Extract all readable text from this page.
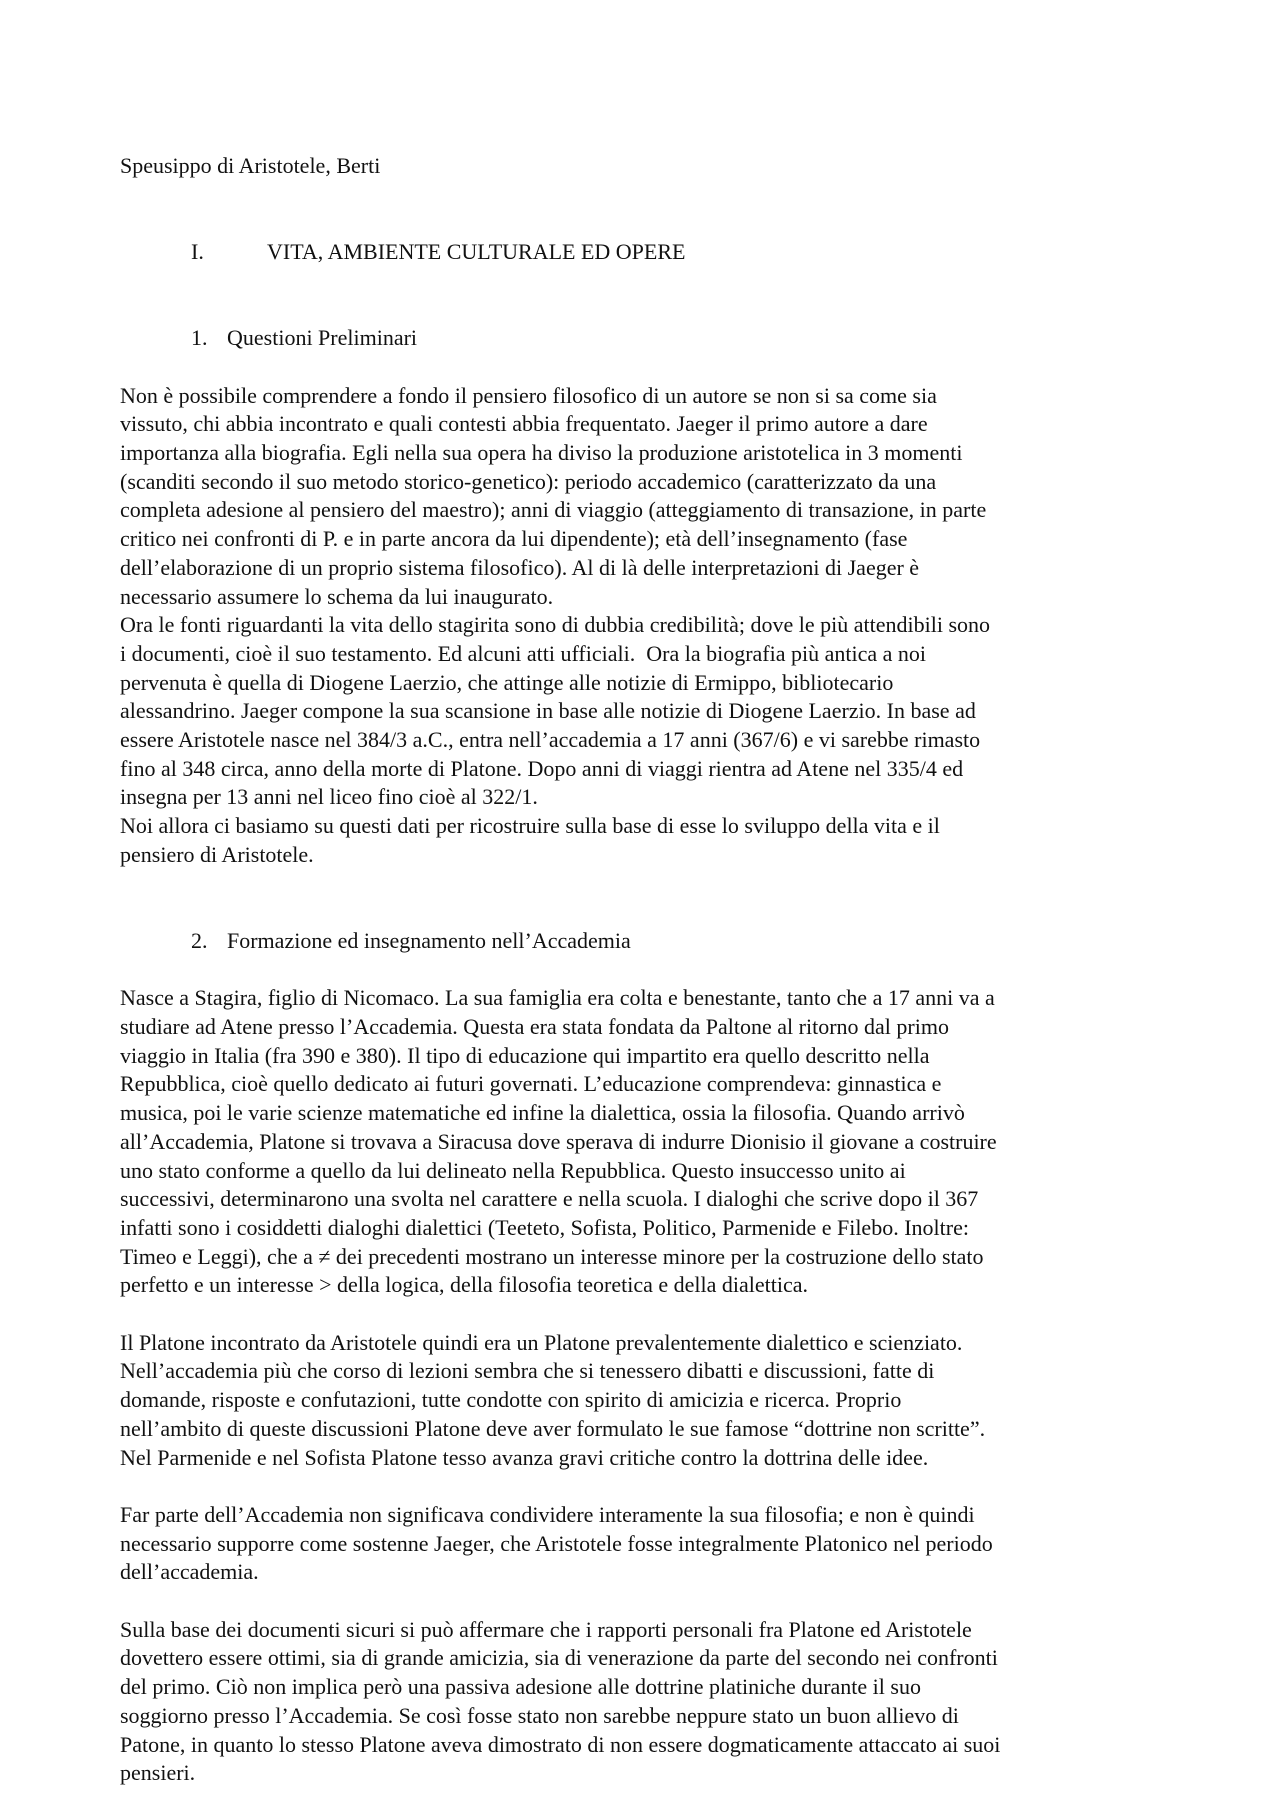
Speusippo di Aristotele, Berti

I.	VITA, AMBIENTE CULTURALE ED OPERE

1. Questioni Preliminari

Non è possibile comprendere a fondo il pensiero filosofico di un autore se non si sa come sia
vissuto, chi abbia incontrato e quali contesti abbia frequentato. Jaeger il primo autore a dare
importanza alla biografia. Egli nella sua opera ha diviso la produzione aristotelica in 3 momenti
(scanditi secondo il suo metodo storico-genetico): periodo accademico (caratterizzato da una
completa adesione al pensiero del maestro); anni di viaggio (atteggiamento di transazione, in parte
critico nei confronti di P. e in parte ancora da lui dipendente); età dell’insegnamento (fase
dell’elaborazione di un proprio sistema filosofico). Al di là delle interpretazioni di Jaeger è
necessario assumere lo schema da lui inaugurato.
Ora le fonti riguardanti la vita dello stagirita sono di dubbia credibilità; dove le più attendibili sono
i documenti, cioè il suo testamento. Ed alcuni atti ufficiali.  Ora la biografia più antica a noi
pervenuta è quella di Diogene Laerzio, che attinge alle notizie di Ermippo, bibliotecario
alessandrino. Jaeger compone la sua scansione in base alle notizie di Diogene Laerzio. In base ad
essere Aristotele nasce nel 384/3 a.C., entra nell’accademia a 17 anni (367/6) e vi sarebbe rimasto
fino al 348 circa, anno della morte di Platone. Dopo anni di viaggi rientra ad Atene nel 335/4 ed
insegna per 13 anni nel liceo fino cioè al 322/1.
Noi allora ci basiamo su questi dati per ricostruire sulla base di esse lo sviluppo della vita e il
pensiero di Aristotele.

2. Formazione ed insegnamento nell’Accademia

Nasce a Stagira, figlio di Nicomaco. La sua famiglia era colta e benestante, tanto che a 17 anni va a
studiare ad Atene presso l’Accademia. Questa era stata fondata da Paltone al ritorno dal primo
viaggio in Italia (fra 390 e 380). Il tipo di educazione qui impartito era quello descritto nella
Repubblica, cioè quello dedicato ai futuri governati. L’educazione comprendeva: ginnastica e
musica, poi le varie scienze matematiche ed infine la dialettica, ossia la filosofia. Quando arrivò
all’Accademia, Platone si trovava a Siracusa dove sperava di indurre Dionisio il giovane a costruire
uno stato conforme a quello da lui delineato nella Repubblica. Questo insuccesso unito ai
successivi, determinarono una svolta nel carattere e nella scuola. I dialoghi che scrive dopo il 367
infatti sono i cosiddetti dialoghi dialettici (Teeteto, Sofista, Politico, Parmenide e Filebo. Inoltre:
Timeo e Leggi), che a ≠ dei precedenti mostrano un interesse minore per la costruzione dello stato
perfetto e un interesse > della logica, della filosofia teoretica e della dialettica.
Il Platone incontrato da Aristotele quindi era un Platone prevalentemente dialettico e scienziato.
Nell’accademia più che corso di lezioni sembra che si tenessero dibatti e discussioni, fatte di
domande, risposte e confutazioni, tutte condotte con spirito di amicizia e ricerca. Proprio
nell’ambito di queste discussioni Platone deve aver formulato le sue famose “dottrine non scritte”.
Nel Parmenide e nel Sofista Platone tesso avanza gravi critiche contro la dottrina delle idee.
Far parte dell’Accademia non significava condividere interamente la sua filosofia; e non è quindi
necessario supporre come sostenne Jaeger, che Aristotele fosse integralmente Platonico nel periodo
dell’accademia.
Sulla base dei documenti sicuri si può affermare che i rapporti personali fra Platone ed Aristotele
dovettero essere ottimi, sia di grande amicizia, sia di venerazione da parte del secondo nei confronti
del primo. Ciò non implica però una passiva adesione alle dottrine platiniche durante il suo
soggiorno presso l’Accademia. Se così fosse stato non sarebbe neppure stato un buon allievo di
Patone, in quanto lo stesso Platone aveva dimostrato di non essere dogmaticamente attaccato ai suoi
pensieri.
